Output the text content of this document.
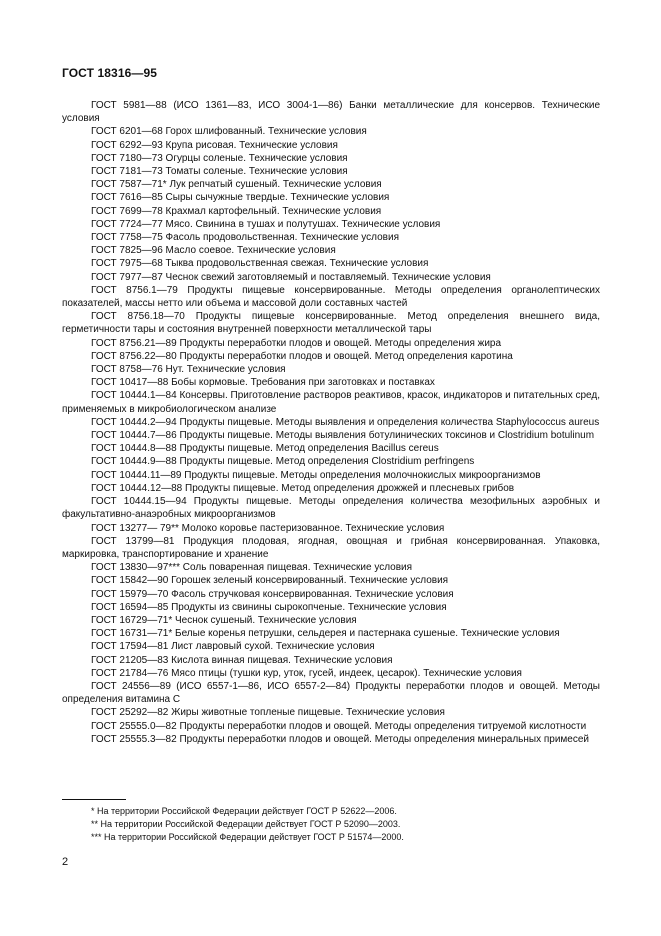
ГОСТ 18316—95

ГОСТ 5981—88 (ИСО 1361—83, ИСО 3004-1—86) Банки металлические для консервов. Технические условия

ГОСТ 6201—68 Горох шлифованный. Технические условия

ГОСТ 6292—93 Крупа рисовая. Технические условия

ГОСТ 7180—73 Огурцы соленые. Технические условия

ГОСТ 7181—73 Томаты соленые. Технические условия

ГОСТ 7587—71* Лук репчатый сушеный. Технические условия

ГОСТ 7616—85 Сыры сычужные твердые. Технические условия

ГОСТ 7699—78 Крахмал картофельный. Технические условия

ГОСТ 7724—77 Мясо. Свинина в тушах и полутушах. Технические условия

ГОСТ 7758—75 Фасоль продовольственная. Технические условия

ГОСТ 7825—96 Масло соевое. Технические условия

ГОСТ 7975—68 Тыква продовольственная свежая. Технические условия

ГОСТ 7977—87 Чеснок свежий заготовляемый и поставляемый. Технические условия

ГОСТ 8756.1—79 Продукты пищевые консервированные. Методы определения органолептических показателей, массы нетто или объема и массовой доли составных частей

ГОСТ 8756.18—70 Продукты пищевые консервированные. Метод определения внешнего вида, герметичности тары и состояния внутренней поверхности металлической тары

ГОСТ 8756.21—89 Продукты переработки плодов и овощей. Методы определения жира

ГОСТ 8756.22—80 Продукты переработки плодов и овощей. Метод определения каротина

ГОСТ 8758—76 Нут. Технические условия

ГОСТ 10417—88 Бобы кормовые. Требования при заготовках и поставках

ГОСТ 10444.1—84 Консервы. Приготовление растворов реактивов, красок, индикаторов и питательных сред, применяемых в микробиологическом анализе

ГОСТ 10444.2—94 Продукты пищевые. Методы выявления и определения количества Staphylococcus aureus

ГОСТ 10444.7—86 Продукты пищевые. Методы выявления ботулинических токсинов и Clostridium botulinum

ГОСТ 10444.8—88 Продукты пищевые. Метод определения Bacillus cereus

ГОСТ 10444.9—88 Продукты пищевые. Метод определения Clostridium perfringens

ГОСТ 10444.11—89 Продукты пищевые. Методы определения молочнокислых микроорганизмов

ГОСТ 10444.12—88 Продукты пищевые. Метод определения дрожжей и плесневых грибов

ГОСТ 10444.15—94 Продукты пищевые. Методы определения количества мезофильных аэробных и факультативно-анаэробных микроорганизмов

ГОСТ 13277— 79** Молоко коровье пастеризованное. Технические условия

ГОСТ 13799—81 Продукция плодовая, ягодная, овощная и грибная консервированная. Упаковка, маркировка, транспортирование и хранение

ГОСТ 13830—97*** Соль поваренная пищевая. Технические условия

ГОСТ 15842—90 Горошек зеленый консервированный. Технические условия

ГОСТ 15979—70 Фасоль стручковая консервированная. Технические условия

ГОСТ 16594—85 Продукты из свинины сырокопченые. Технические условия

ГОСТ 16729—71* Чеснок сушеный. Технические условия

ГОСТ 16731—71* Белые коренья петрушки, сельдерея и пастернака сушеные. Технические условия

ГОСТ 17594—81 Лист лавровый сухой. Технические условия

ГОСТ 21205—83 Кислота винная пищевая. Технические условия

ГОСТ 21784—76 Мясо птицы (тушки кур, уток, гусей, индеек, цесарок). Технические условия

ГОСТ 24556—89 (ИСО 6557-1—86, ИСО 6557-2—84) Продукты переработки плодов и овощей. Методы определения витамина С

ГОСТ 25292—82 Жиры животные топленые пищевые. Технические условия

ГОСТ 25555.0—82 Продукты переработки плодов и овощей. Методы определения титруемой кислотности

ГОСТ 25555.3—82 Продукты переработки плодов и овощей. Методы определения минеральных примесей

* На территории Российской Федерации действует ГОСТ Р 52622—2006.

** На территории Российской Федерации действует ГОСТ Р 52090—2003.

*** На территории Российской Федерации действует ГОСТ Р 51574—2000.

2
